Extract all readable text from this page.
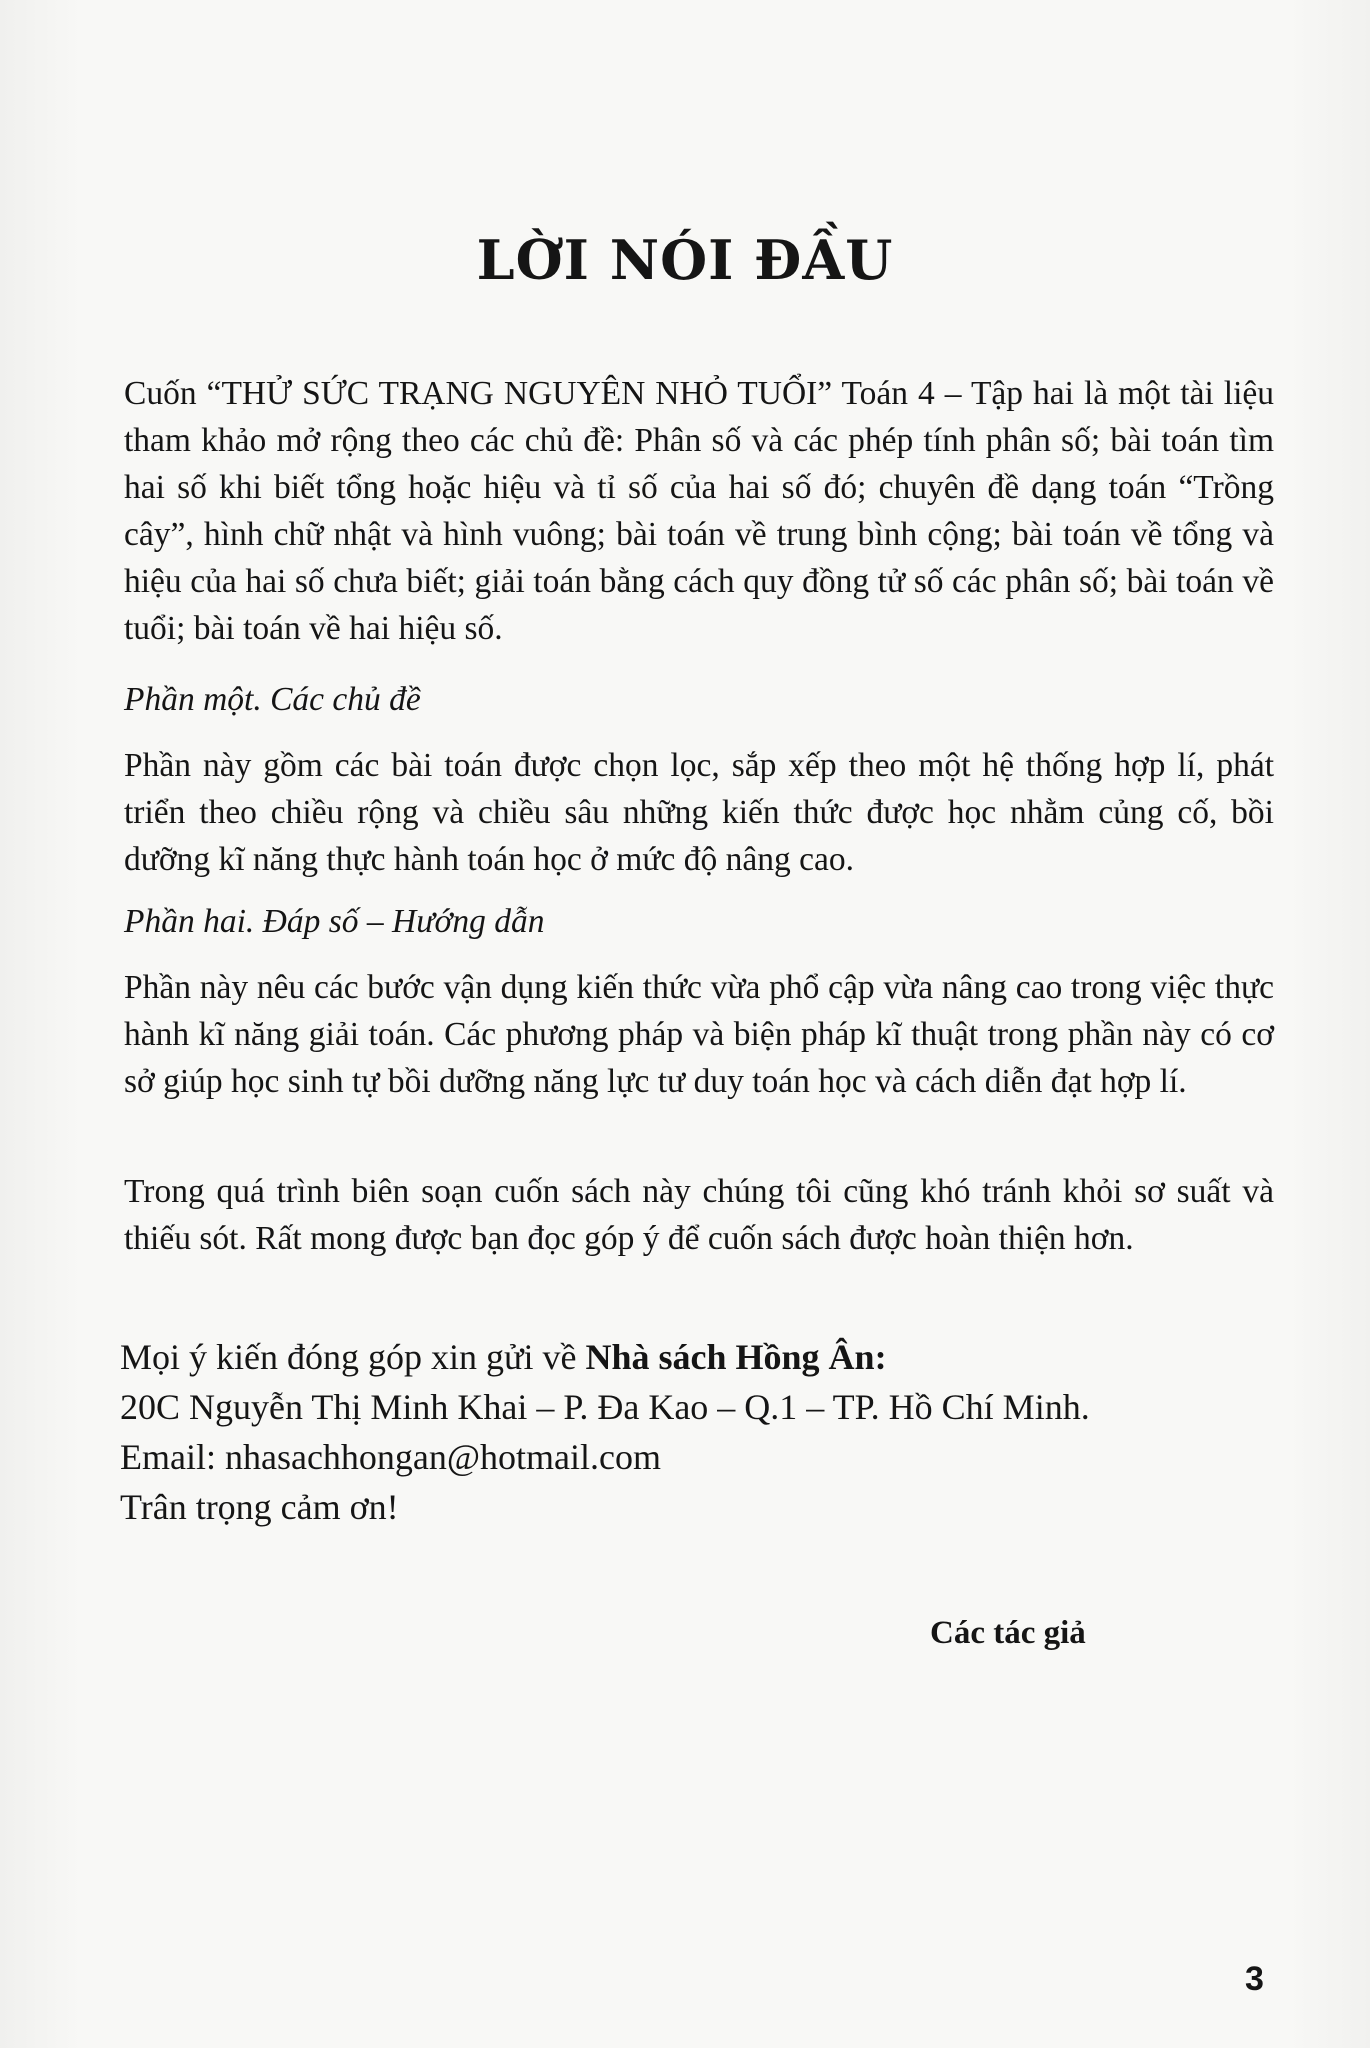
LỜI NÓI ĐẦU
Cuốn “THỬ SỨC TRẠNG NGUYÊN NHỎ TUỔI” Toán 4 – Tập hai là một tài liệu tham khảo mở rộng theo các chủ đề: Phân số và các phép tính phân số; bài toán tìm hai số khi biết tổng hoặc hiệu và tỉ số của hai số đó; chuyên đề dạng toán “Trồng cây”, hình chữ nhật và hình vuông; bài toán về trung bình cộng; bài toán về tổng và hiệu của hai số chưa biết; giải toán bằng cách quy đồng tử số các phân số; bài toán về tuổi; bài toán về hai hiệu số.
Phần một. Các chủ đề
Phần này gồm các bài toán được chọn lọc, sắp xếp theo một hệ thống hợp lí, phát triển theo chiều rộng và chiều sâu những kiến thức được học nhằm củng cố, bồi dưỡng kĩ năng thực hành toán học ở mức độ nâng cao.
Phần hai. Đáp số – Hướng dẫn
Phần này nêu các bước vận dụng kiến thức vừa phổ cập vừa nâng cao trong việc thực hành kĩ năng giải toán. Các phương pháp và biện pháp kĩ thuật trong phần này có cơ sở giúp học sinh tự bồi dưỡng năng lực tư duy toán học và cách diễn đạt hợp lí.
Trong quá trình biên soạn cuốn sách này chúng tôi cũng khó tránh khỏi sơ suất và thiếu sót. Rất mong được bạn đọc góp ý để cuốn sách được hoàn thiện hơn.
Mọi ý kiến đóng góp xin gửi về Nhà sách Hồng Ân:
20C Nguyễn Thị Minh Khai – P. Đa Kao – Q.1 – TP. Hồ Chí Minh.
Email: nhasachhongan@hotmail.com
Trân trọng cảm ơn!
Các tác giả
3
